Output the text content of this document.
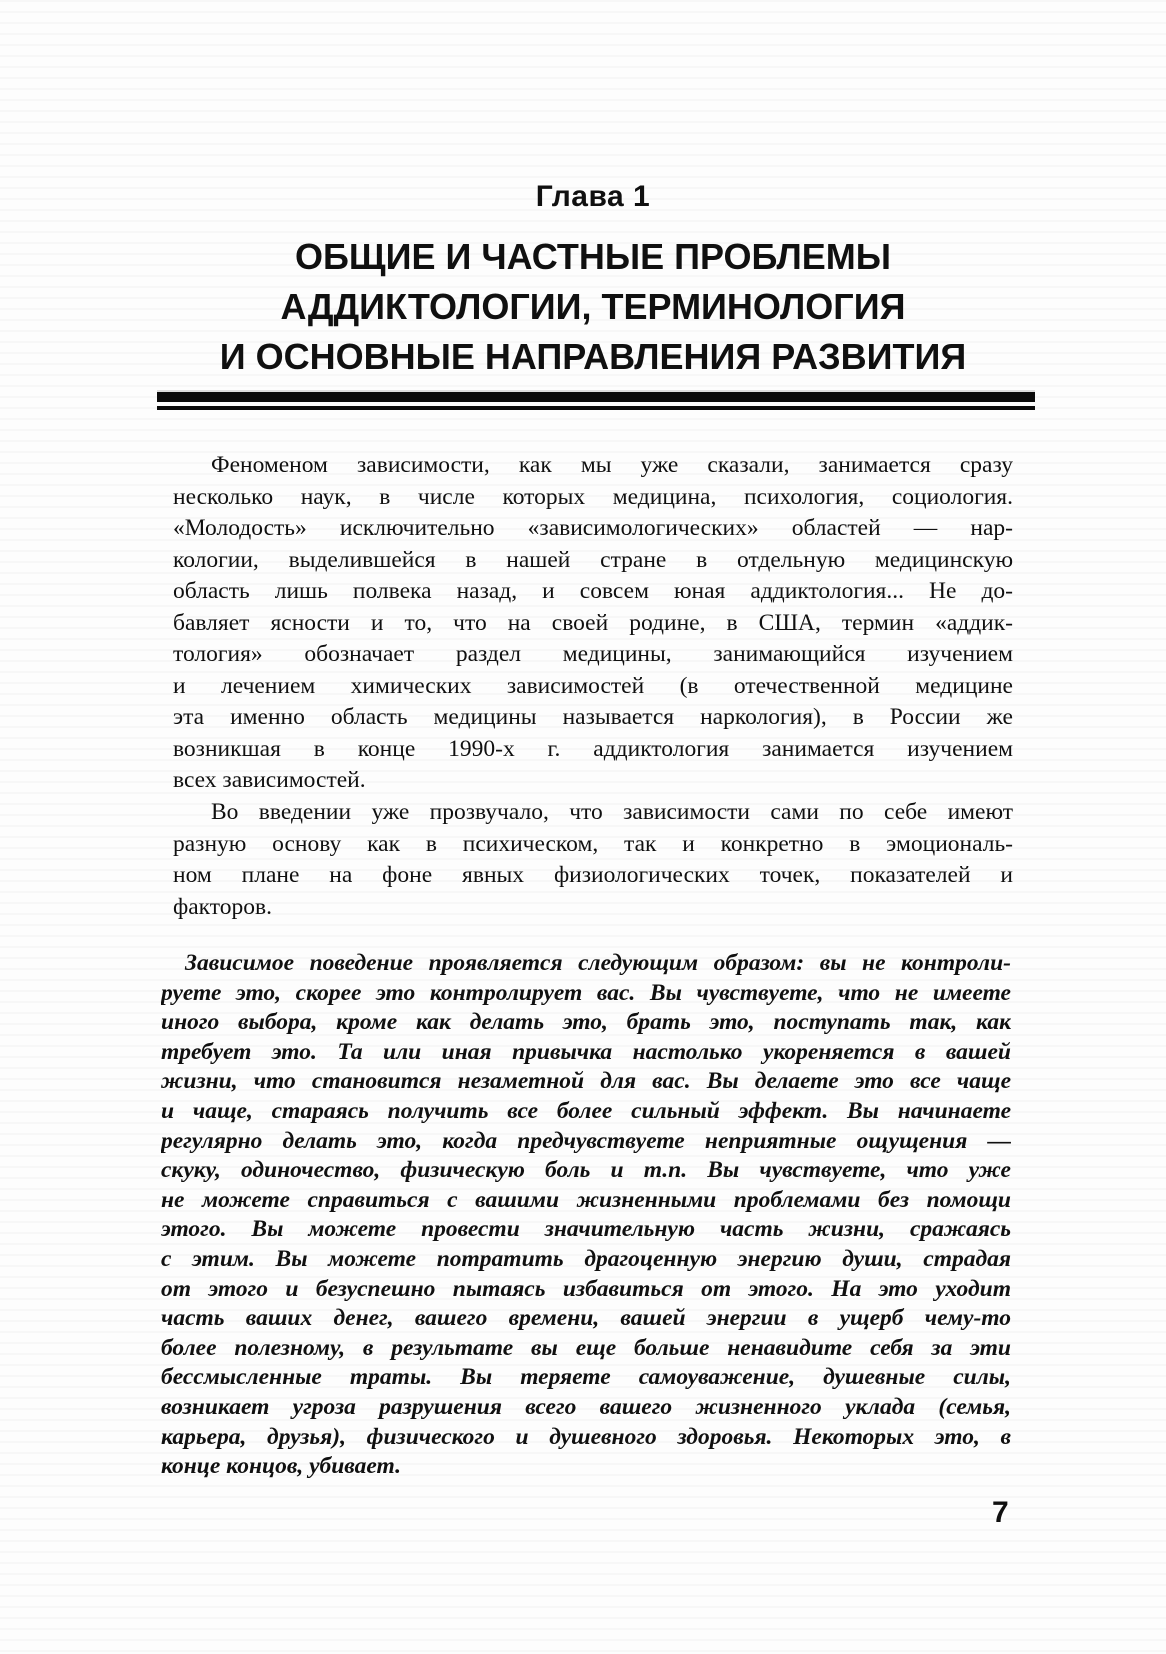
Глава 1
ОБЩИЕ И ЧАСТНЫЕ ПРОБЛЕМЫ
АДДИКТОЛОГИИ, ТЕРМИНОЛОГИЯ
И ОСНОВНЫЕ НАПРАВЛЕНИЯ РАЗВИТИЯ
Феноменом зависимости, как мы уже сказали, занимается сразу
несколько наук, в числе которых медицина, психология, социология.
«Молодость» исключительно «зависимологических» областей — нар-
кологии, выделившейся в нашей стране в отдельную медицинскую
область лишь полвека назад, и совсем юная аддиктология... Не до-
бавляет ясности и то, что на своей родине, в США, термин «аддик-
тология» обозначает раздел медицины, занимающийся изучением
и лечением химических зависимостей (в отечественной медицине
эта именно область медицины называется наркология), в России же
возникшая в конце 1990-х г. аддиктология занимается изучением
всех зависимостей.
Во введении уже прозвучало, что зависимости сами по себе имеют
разную основу как в психическом, так и конкретно в эмоциональ-
ном плане на фоне явных физиологических точек, показателей и
факторов.
Зависимое поведение проявляется следующим образом: вы не контроли-
руете это, скорее это контролирует вас. Вы чувствуете, что не имеете
иного выбора, кроме как делать это, брать это, поступать так, как
требует это. Та или иная привычка настолько укореняется в вашей
жизни, что становится незаметной для вас. Вы делаете это все чаще
и чаще, стараясь получить все более сильный эффект. Вы начинаете
регулярно делать это, когда предчувствуете неприятные ощущения —
скуку, одиночество, физическую боль и т.п. Вы чувствуете, что уже
не можете справиться с вашими жизненными проблемами без помощи
этого. Вы можете провести значительную часть жизни, сражаясь
с этим. Вы можете потратить драгоценную энергию души, страдая
от этого и безуспешно пытаясь избавиться от этого. На это уходит
часть ваших денег, вашего времени, вашей энергии в ущерб чему-то
более полезному, в результате вы еще больше ненавидите себя за эти
бессмысленные траты. Вы теряете самоуважение, душевные силы,
возникает угроза разрушения всего вашего жизненного уклада (семья,
карьера, друзья), физического и душевного здоровья. Некоторых это, в
конце концов, убивает.
7
